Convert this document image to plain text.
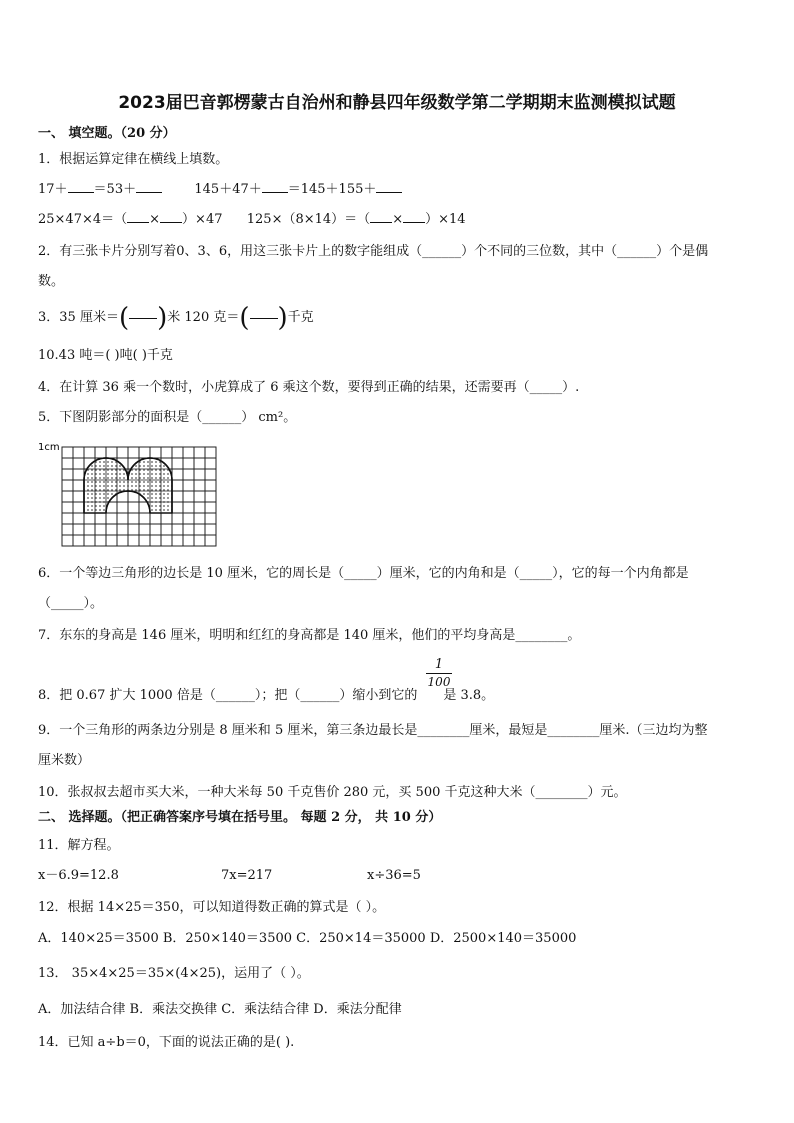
2023届巴音郭楞蒙古自治州和静县四年级数学第二学期期末监测模拟试题
一、 填空题。（20 分）
1．根据运算定律在横线上填数。
17＋ ＝53＋	145＋47＋ ＝145＋155＋
25×47×4＝（ × ）×47 125×（8×14）＝（ × ）×14
2．有三张卡片分别写着0、3、6，用这三张卡片上的数字能组成（______）个不同的三位数，其中（______）个是偶
数。
3．35 厘米＝( )米 120 克＝( )千克
10.43 吨＝( )吨( )千克
4．在计算 36 乘一个数时，小虎算成了 6 乘这个数，要得到正确的结果，还需要再（_____）.
5．下图阴影部分的面积是（______） cm²。
1cm
6．一个等边三角形的边长是 10 厘米，它的周长是（_____）厘米，它的内角和是（_____），它的每一个内角都是
（_____）。
7．东东的身高是 146 厘米，明明和红红的身高都是 140 厘米，他们的平均身高是________。
1
100
8．把 0.67 扩大 1000 倍是（______）；把（______）缩小到它的 是 3.8。
9．一个三角形的两条边分别是 8 厘米和 5 厘米，第三条边最长是________厘米，最短是________厘米.（三边均为整
厘米数）
10．张叔叔去超市买大米，一种大米每 50 千克售价 280 元，买 500 千克这种大米（________）元。
二、 选择题。（把正确答案序号填在括号里。 每题 2 分， 共 10 分）
11．解方程。
x－6.9=12.8	7x=217	x÷36=5
12．根据 14×25＝350，可以知道得数正确的算式是（ ）。
A．140×25＝3500 B．250×140＝3500 C．250×14＝35000 D．2500×140＝35000
13． 35×4×25＝35×(4×25)，运用了（ ）。
A．加法结合律 B．乘法交换律 C．乘法结合律 D．乘法分配律
14．已知 a÷b＝0，下面的说法正确的是( ).
